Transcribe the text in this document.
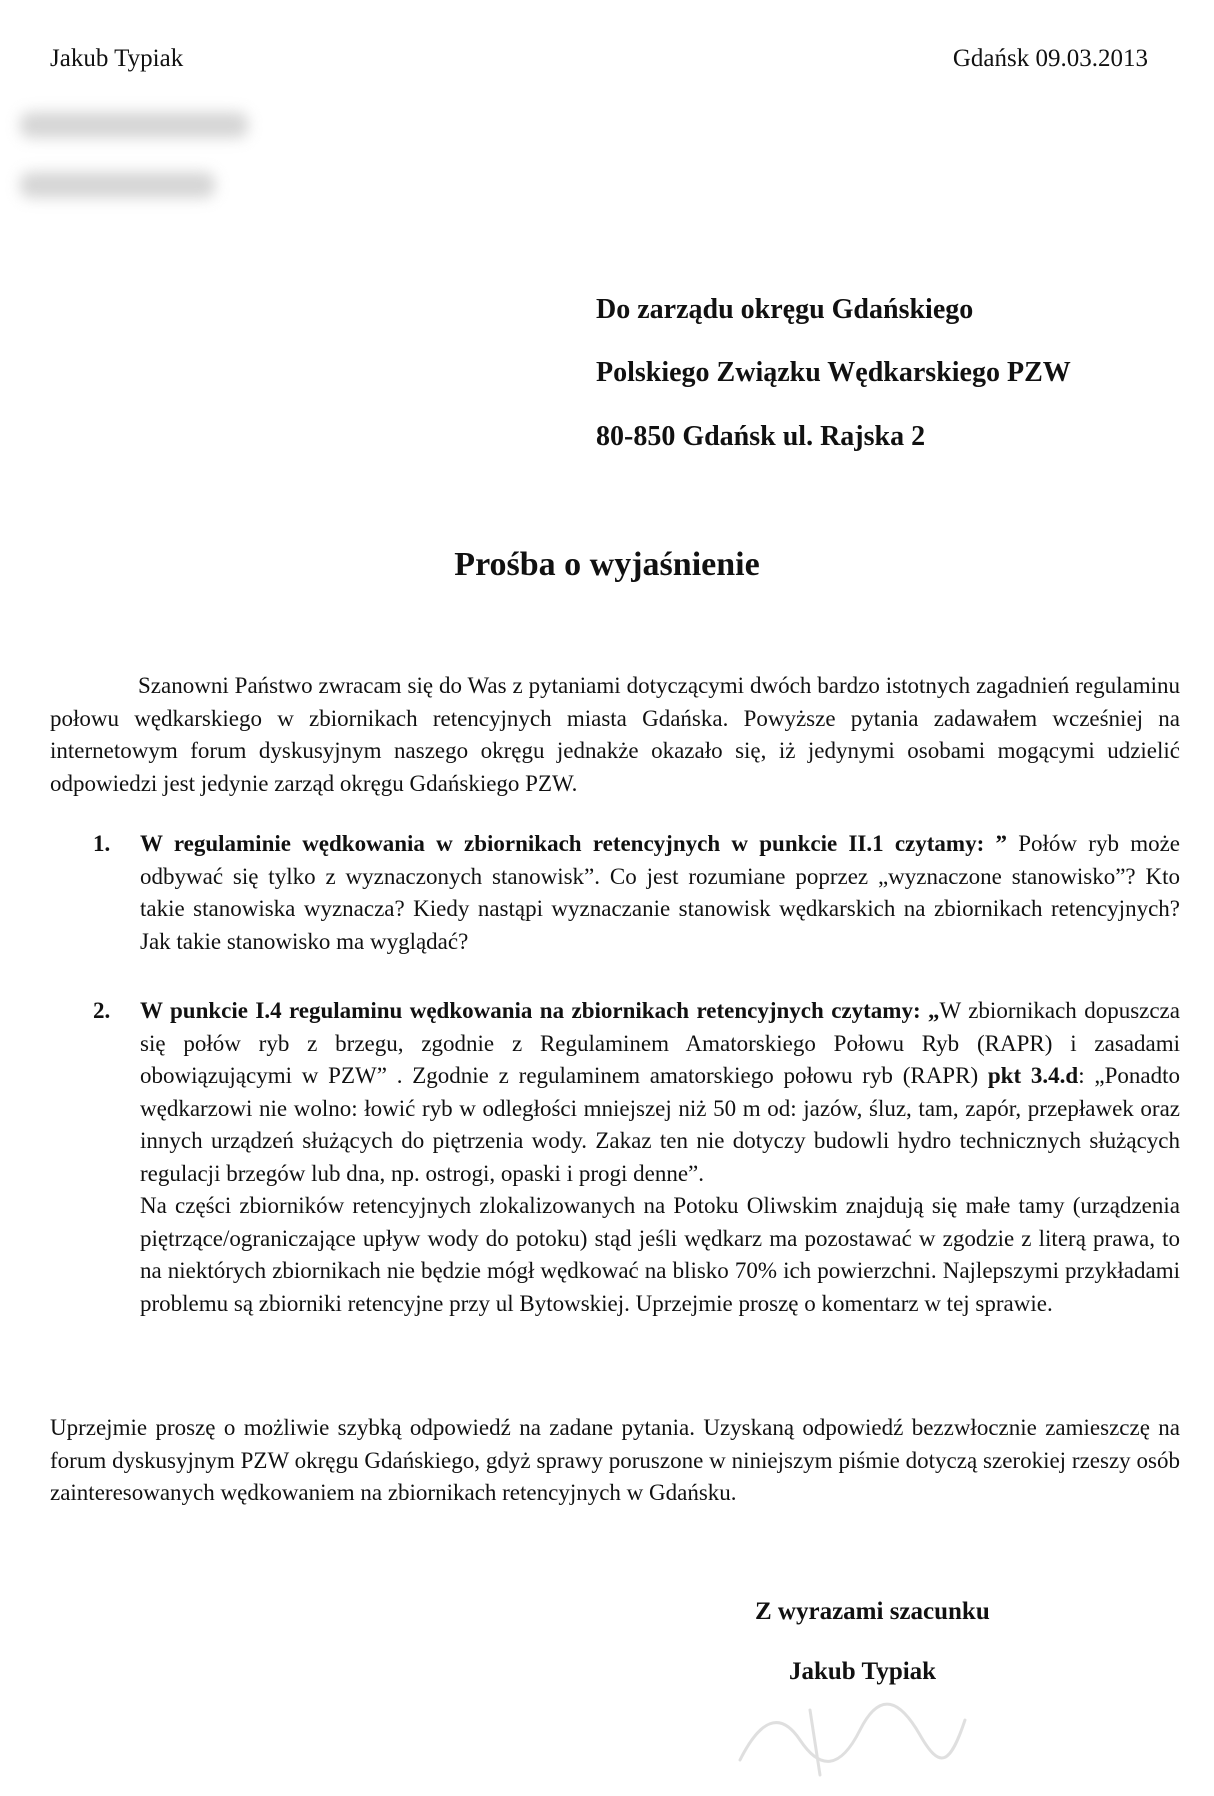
Jakub Typiak	Gdańsk 09.03.2013

Do zarządu okręgu Gdańskiego

Polskiego Związku Wędkarskiego PZW

80-850 Gdańsk ul. Rajska 2

Prośba o wyjaśnienie

Szanowni Państwo zwracam się do Was z pytaniami dotyczącymi dwóch bardzo istotnych zagadnień regulaminu połowu wędkarskiego w zbiornikach retencyjnych miasta Gdańska. Powyższe pytania zadawałem wcześniej na internetowym forum dyskusyjnym naszego okręgu jednakże okazało się, iż jedynymi osobami mogącymi udzielić odpowiedzi jest jedynie zarząd okręgu Gdańskiego PZW.

1. W regulaminie wędkowania w zbiornikach retencyjnych w punkcie II.1 czytamy: ” Połów ryb może odbywać się tylko z wyznaczonych stanowisk”. Co jest rozumiane poprzez „wyznaczone stanowisko”? Kto takie stanowiska wyznacza? Kiedy nastąpi wyznaczanie stanowisk wędkarskich na zbiornikach retencyjnych? Jak takie stanowisko ma wyglądać?

2. W punkcie I.4 regulaminu wędkowania na zbiornikach retencyjnych czytamy: „W zbiornikach dopuszcza się połów ryb z brzegu, zgodnie z Regulaminem Amatorskiego Połowu Ryb (RAPR) i zasadami obowiązującymi w PZW” . Zgodnie z regulaminem amatorskiego połowu ryb (RAPR) pkt 3.4.d: „Ponadto wędkarzowi nie wolno: łowić ryb w odległości mniejszej niż 50 m od: jazów, śluz, tam, zapór, przepławek oraz innych urządzeń służących do piętrzenia wody. Zakaz ten nie dotyczy budowli hydro technicznych służących regulacji brzegów lub dna, np. ostrogi, opaski i progi denne”.
Na części zbiorników retencyjnych zlokalizowanych na Potoku Oliwskim znajdują się małe tamy (urządzenia piętrzące/ograniczające upływ wody do potoku) stąd jeśli wędkarz ma pozostawać w zgodzie z literą prawa, to na niektórych zbiornikach nie będzie mógł wędkować na blisko 70% ich powierzchni. Najlepszymi przykładami problemu są zbiorniki retencyjne przy ul Bytowskiej. Uprzejmie proszę o komentarz w tej sprawie.

Uprzejmie proszę o możliwie szybką odpowiedź na zadane pytania. Uzyskaną odpowiedź bezzwłocznie zamieszczę na forum dyskusyjnym PZW okręgu Gdańskiego, gdyż sprawy poruszone w niniejszym piśmie dotyczą szerokiej rzeszy osób zainteresowanych wędkowaniem na zbiornikach retencyjnych w Gdańsku.

Z wyrazami szacunku
Jakub Typiak
